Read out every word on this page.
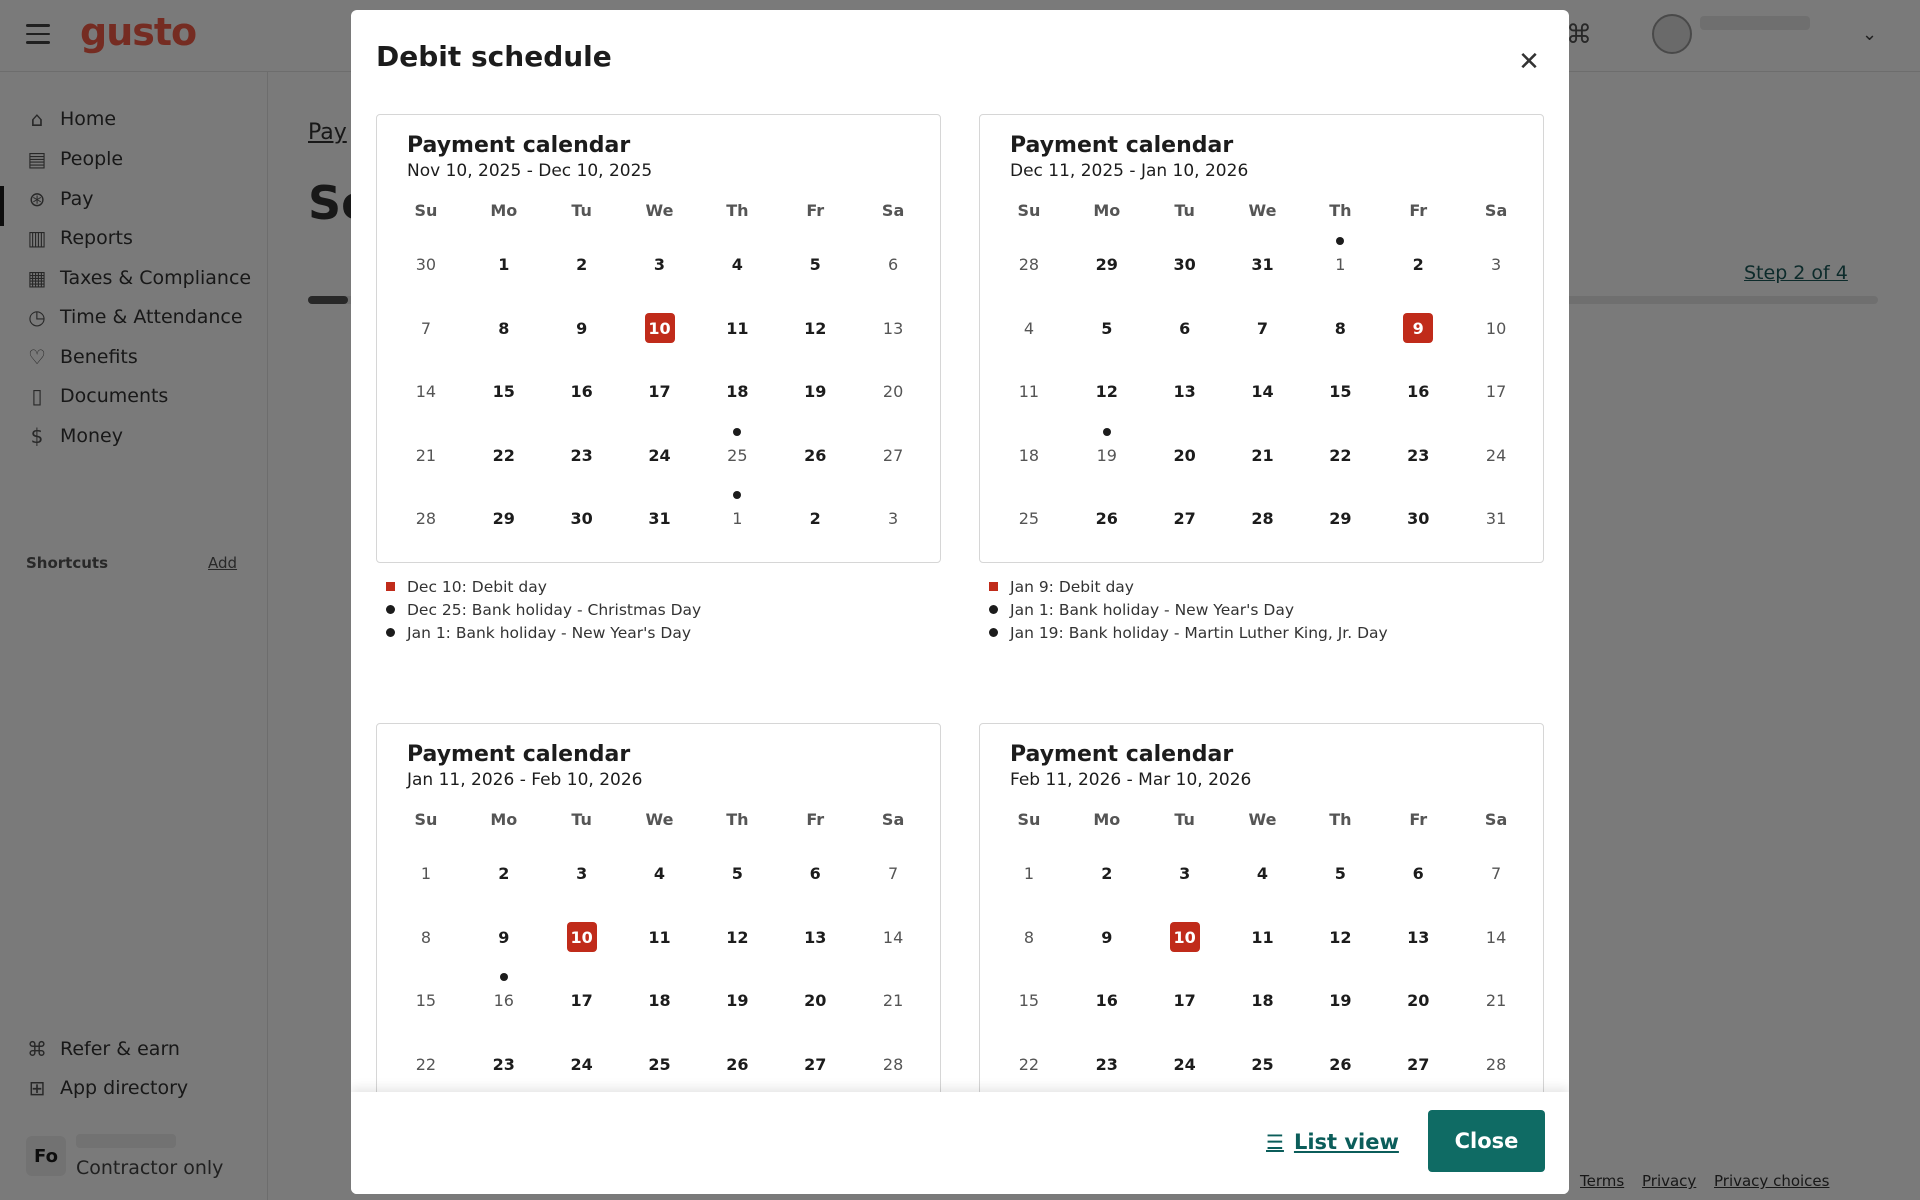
Debit schedule	✕
Payment calendar
Nov 10, 2025 - Dec 10, 2025
Su	Mo	Tu	We	Th	Fr	Sa
30	1	2	3	4	5	6
7	8	9	10	11	12	13
14	15	16	17	18	19	20
21	22	23	24	25	26	27
28	29	30	31	1	2	3
Dec 10: Debit day
Dec 25: Bank holiday - Christmas Day
Jan 1: Bank holiday - New Year's Day
Payment calendar
Dec 11, 2025 - Jan 10, 2026
Su	Mo	Tu	We	Th	Fr	Sa
28	29	30	31	1	2	3
4	5	6	7	8	9	10
11	12	13	14	15	16	17
18	19	20	21	22	23	24
25	26	27	28	29	30	31
Jan 9: Debit day
Jan 1: Bank holiday - New Year's Day
Jan 19: Bank holiday - Martin Luther King, Jr. Day
Payment calendar
Jan 11, 2026 - Feb 10, 2026
Su	Mo	Tu	We	Th	Fr	Sa
1	2	3	4	5	6	7
8	9	10	11	12	13	14
15	16	17	18	19	20	21
22	23	24	25	26	27	28
Payment calendar
Feb 11, 2026 - Mar 10, 2026
Su	Mo	Tu	We	Th	Fr	Sa
1	2	3	4	5	6	7
8	9	10	11	12	13	14
15	16	17	18	19	20	21
22	23	24	25	26	27	28
☰ List view	Close
